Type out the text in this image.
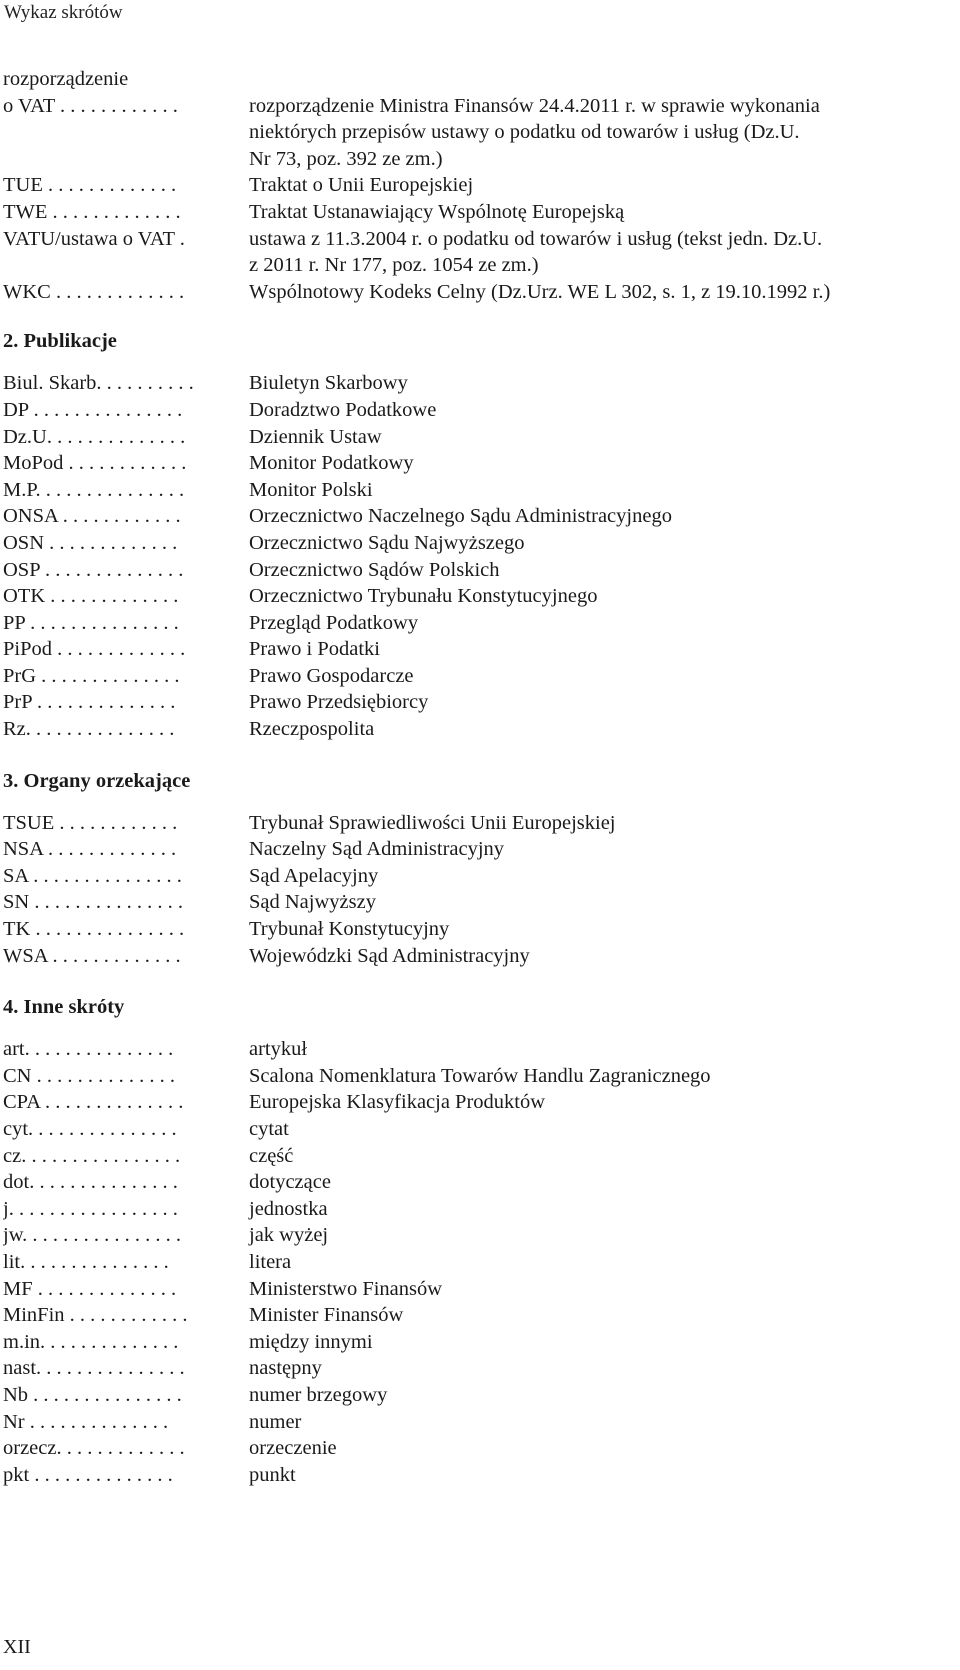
Wykaz skrótów
rozporządzenie
o VAT . . . . . . . . . . . .	rozporządzenie Ministra Finansów 24.4.2011 r. w sprawie wykonania
niektórych przepisów ustawy o podatku od towarów i usług (Dz.U.
Nr 73, poz. 392 ze zm.)
TUE . . . . . . . . . . . . .	Traktat o Unii Europejskiej
TWE . . . . . . . . . . . . .	Traktat Ustanawiający Wspólnotę Europejską
VATU/ustawa o VAT .	ustawa z 11.3.2004 r. o podatku od towarów i usług (tekst jedn. Dz.U.
z 2011 r. Nr 177, poz. 1054 ze zm.)
WKC . . . . . . . . . . . . .	Wspólnotowy Kodeks Celny (Dz.Urz. WE L 302, s. 1, z 19.10.1992 r.)
2. Publikacje
Biul. Skarb. . . . . . . . . .	Biuletyn Skarbowy
DP . . . . . . . . . . . . . . .	Doradztwo Podatkowe
Dz.U. . . . . . . . . . . . . .	Dziennik Ustaw
MoPod . . . . . . . . . . . .	Monitor Podatkowy
M.P. . . . . . . . . . . . . . .	Monitor Polski
ONSA . . . . . . . . . . . .	Orzecznictwo Naczelnego Sądu Administracyjnego
OSN . . . . . . . . . . . . .	Orzecznictwo Sądu Najwyższego
OSP . . . . . . . . . . . . . .	Orzecznictwo Sądów Polskich
OTK . . . . . . . . . . . . .	Orzecznictwo Trybunału Konstytucyjnego
PP . . . . . . . . . . . . . . .	Przegląd Podatkowy
PiPod . . . . . . . . . . . . .	Prawo i Podatki
PrG . . . . . . . . . . . . . .	Prawo Gospodarcze
PrP . . . . . . . . . . . . . .	Prawo Przedsiębiorcy
Rz. . . . . . . . . . . . . . .	Rzeczpospolita
3. Organy orzekające
TSUE . . . . . . . . . . . .	Trybunał Sprawiedliwości Unii Europejskiej
NSA . . . . . . . . . . . . .	Naczelny Sąd Administracyjny
SA . . . . . . . . . . . . . . .	Sąd Apelacyjny
SN . . . . . . . . . . . . . . .	Sąd Najwyższy
TK . . . . . . . . . . . . . . .	Trybunał Konstytucyjny
WSA . . . . . . . . . . . . .	Wojewódzki Sąd Administracyjny
4. Inne skróty
art. . . . . . . . . . . . . . .	artykuł
CN . . . . . . . . . . . . . .	Scalona Nomenklatura Towarów Handlu Zagranicznego
CPA . . . . . . . . . . . . . .	Europejska Klasyfikacja Produktów
cyt. . . . . . . . . . . . . . .	cytat
cz. . . . . . . . . . . . . . . .	część
dot. . . . . . . . . . . . . . .	dotyczące
j. . . . . . . . . . . . . . . . .	jednostka
jw. . . . . . . . . . . . . . . .	jak wyżej
lit. . . . . . . . . . . . . . .	litera
MF . . . . . . . . . . . . . .	Ministerstwo Finansów
MinFin . . . . . . . . . . . .	Minister Finansów
m.in. . . . . . . . . . . . . .	między innymi
nast. . . . . . . . . . . . . . .	następny
Nb . . . . . . . . . . . . . . .	numer brzegowy
Nr . . . . . . . . . . . . . .	numer
orzecz. . . . . . . . . . . . .	orzeczenie
pkt . . . . . . . . . . . . . .	punkt
XII
